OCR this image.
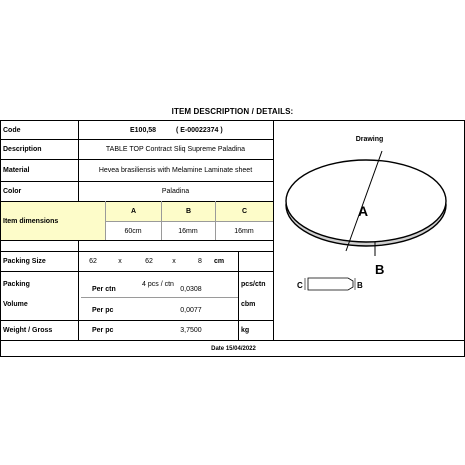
ITEM DESCRIPTION / DETAILS:
Code	E100,58	( E-00022374 )
Description	TABLE TOP Contract Sliq Supreme Paladina
Material	Hevea brasiliensis with Melamine Laminate sheet
Color	Paladina
Item dimensions
A	B	C
60cm	16mm	16mm
Packing Size	62	x	62	x	8	cm
Packing	4 pcs / ctn	pcs/ctn
Volume
Per ctn	0,0308
Per pc	0,0077
cbm
Weight / Gross	Per pc	3,7500	kg
Drawing
A
B
C	B
Date 15/04/2022
